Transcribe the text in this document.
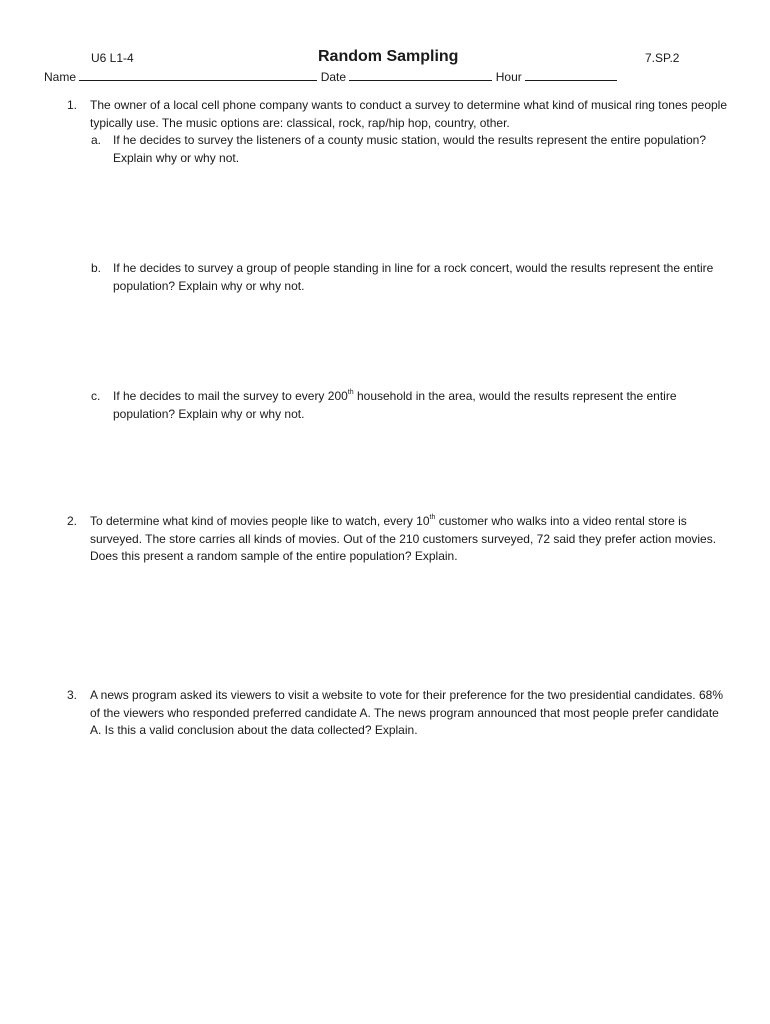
U6 L1-4	Random Sampling	7.SP.2
Name	Date	Hour
1. The owner of a local cell phone company wants to conduct a survey to determine what kind of musical ring tones people typically use. The music options are: classical, rock, rap/hip hop, country, other.
a. If he decides to survey the listeners of a county music station, would the results represent the entire population? Explain why or why not.
b. If he decides to survey a group of people standing in line for a rock concert, would the results represent the entire population? Explain why or why not.
c. If he decides to mail the survey to every 200th household in the area, would the results represent the entire population? Explain why or why not.
2. To determine what kind of movies people like to watch, every 10th customer who walks into a video rental store is surveyed. The store carries all kinds of movies. Out of the 210 customers surveyed, 72 said they prefer action movies. Does this present a random sample of the entire population? Explain.
3. A news program asked its viewers to visit a website to vote for their preference for the two presidential candidates. 68% of the viewers who responded preferred candidate A. The news program announced that most people prefer candidate A. Is this a valid conclusion about the data collected? Explain.
